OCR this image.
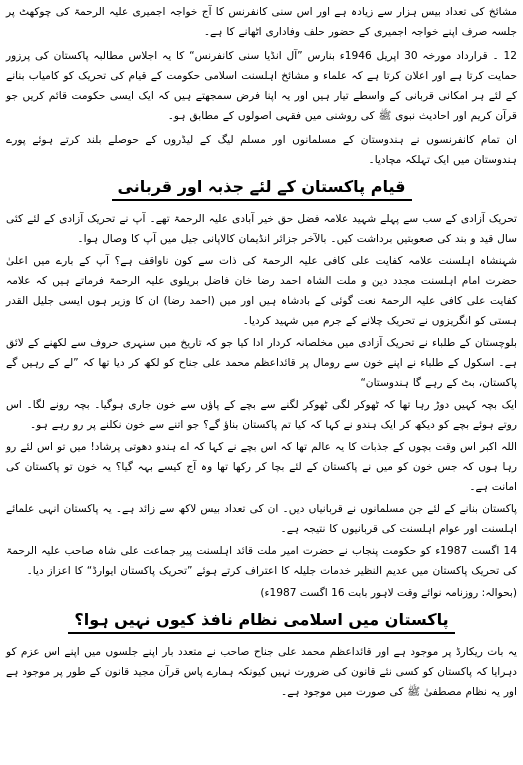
مشائخ کی تعداد بیس ہزار سے زیادہ ہے اور اس سنی کانفرنس کا آج خواجہ اجمیری علیہ الرحمۃ کی چوکھٹ پر جلسہ صرف اپنے خواجہ اجمیری کے حضور حلف وفاداری اٹھانے کا ہے۔

12 ۔ قرارداد مورخہ 30 اپریل 1946ء بنارس ”آل انڈیا سنی کانفرنس“ کا یہ اجلاس مطالبہ پاکستان کی پرزور حمایت کرتا ہے اور اعلان کرتا ہے کہ علماء و مشائخ اہلسنت اسلامی حکومت کے قیام کی تحریک کو کامیاب بنانے کے لئے ہر امکانی قربانی کے واسطے تیار ہیں اور یہ اپنا فرض سمجھتے ہیں کہ ایک ایسی حکومت قائم کریں جو قرآن کریم اور احادیث نبوی ﷺ کی روشنی میں فقہی اصولوں کے مطابق ہو۔

ان تمام کانفرنسوں نے ہندوستان کے مسلمانوں اور مسلم لیگ کے لیڈروں کے حوصلے بلند کرتے ہوئے پورے ہندوستان میں ایک تہلکہ مچادیا۔

قیام پاکستان کے لئے جذبہ اور قربانی

تحریک آزادی کے سب سے پہلے شہید علامہ فضل حق خیر آبادی علیہ الرحمۃ تھے۔ آپ نے تحریک آزادی کے لئے کئی سال قید و بند کی صعوبتیں برداشت کیں۔ بالآخر جزائر انڈیمان کالاپانی جیل میں آپ کا وصال ہوا۔

شہنشاہ اہلسنت علامہ کفایت علی کافی علیہ الرحمۃ کی ذات سے کون ناواقف ہے؟ آپ کے بارے میں اعلیٰ حضرت امام اہلسنت مجدد دین و ملت الشاہ احمد رضا خان فاضل بریلوی علیہ الرحمۃ فرماتے ہیں کہ علامہ کفایت علی کافی علیہ الرحمۃ نعت گوئی کے بادشاہ ہیں اور میں (احمد رضا) ان کا وزیر ہوں ایسی جلیل القدر ہستی کو انگریزوں نے تحریک چلانے کے جرم میں شہید کردیا۔

بلوچستان کے طلباء نے تحریک آزادی میں مخلصانہ کردار ادا کیا جو کہ تاریخ میں سنہری حروف سے لکھنے کے لائق ہے۔ اسکول کے طلباء نے اپنے خون سے رومال پر قائداعظم محمد علی جناح کو لکھ کر دیا تھا کہ ”لے کے رہیں گے پاکستان، بٹ کے رہے گا ہندوستان“

ایک بچہ کہیں دوڑ رہا تھا کہ ٹھوکر لگی ٹھوکر لگنے سے بچے کے پاؤں سے خون جاری ہوگیا۔ بچہ رونے لگا۔ اس روتے ہوئے بچے کو دیکھ کر ایک ہندو نے کہا کہ کیا تم پاکستان بناؤ گے؟ جو اتنے سے خون نکلنے پر رو رہے ہو۔

اللہ اکبر اس وقت بچوں کے جذبات کا یہ عالم تھا کہ اس بچے نے کہا کہ اے ہندو دھوتی پرشاد! میں تو اس لئے رو رہا ہوں کہ جس خون کو میں نے پاکستان کے لئے بچا کر رکھا تھا وہ آج کیسے بہہ گیا؟ یہ خون تو پاکستان کی امانت ہے۔

پاکستان بنانے کے لئے جن مسلمانوں نے قربانیاں دیں۔ ان کی تعداد بیس لاکھ سے زائد ہے۔ یہ پاکستان انہی علمائے اہلسنت اور عوام اہلسنت کی قربانیوں کا نتیجہ ہے۔

14 اگست 1987ء کو حکومت پنجاب نے حضرت امیر ملت قائد اہلسنت پیر جماعت علی شاہ صاحب علیہ الرحمۃ کی تحریک پاکستان میں عدیم النظیر خدمات جلیلہ کا اعتراف کرتے ہوئے ”تحریک پاکستان ایوارڈ“ کا اعزاز دیا۔

(بحوالہ: روزنامہ نوائے وقت لاہور بابت 16 اگست 1987ء)

پاکستان میں اسلامی نظام نافذ کیوں نہیں ہوا؟

یہ بات ریکارڈ پر موجود ہے اور قائداعظم محمد علی جناح صاحب نے متعدد بار اپنے جلسوں میں اپنے اس عزم کو دہرایا کہ پاکستان کو کسی نئے قانون کی ضرورت نہیں کیونکہ ہمارے پاس قرآن مجید قانون کے طور پر موجود ہے اور یہ نظام مصطفیٰ ﷺ کی صورت میں موجود ہے۔
